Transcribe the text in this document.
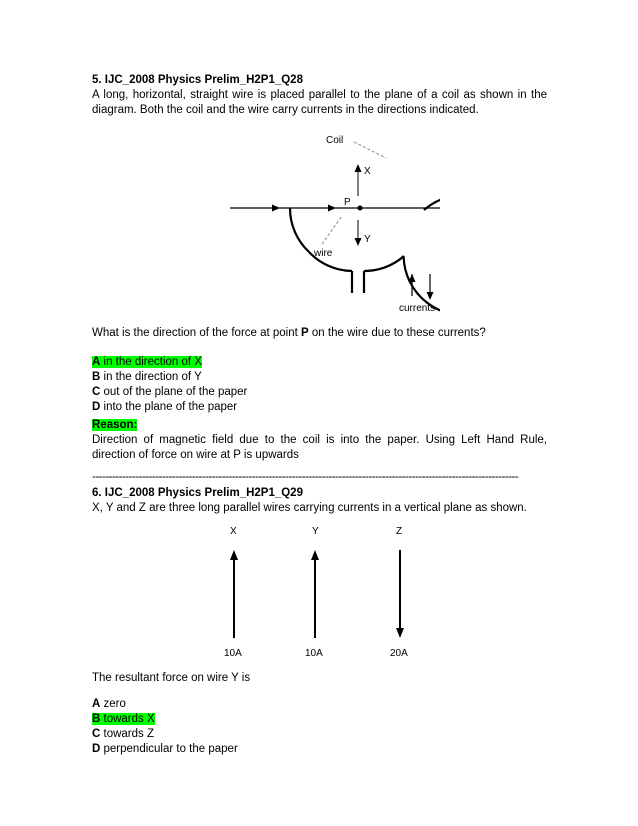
5. IJC_2008 Physics Prelim_H2P1_Q28

A long, horizontal, straight wire is placed parallel to the plane of a coil as shown in the diagram. Both the coil and the wire carry currents in the directions indicated.

P
X
Y
Coil
wire
currents

What is the direction of the force at point P on the wire due to these currents?

A in the direction of X

B in the direction of Y

C out of the plane of the paper

D into the plane of the paper

Reason:

Direction of magnetic field due to the coil is into the paper. Using Left Hand Rule, direction of force on wire at P is upwards

--------------------------------------------------------------------------------------------------------------------------------

6. IJC_2008 Physics Prelim_H2P1_Q29

X, Y and Z are three long parallel wires carrying currents in a vertical plane as shown.

X	Y	Z
10A	10A	20A

The resultant force on wire Y is

A zero

B towards X

C towards Z

D perpendicular to the paper
